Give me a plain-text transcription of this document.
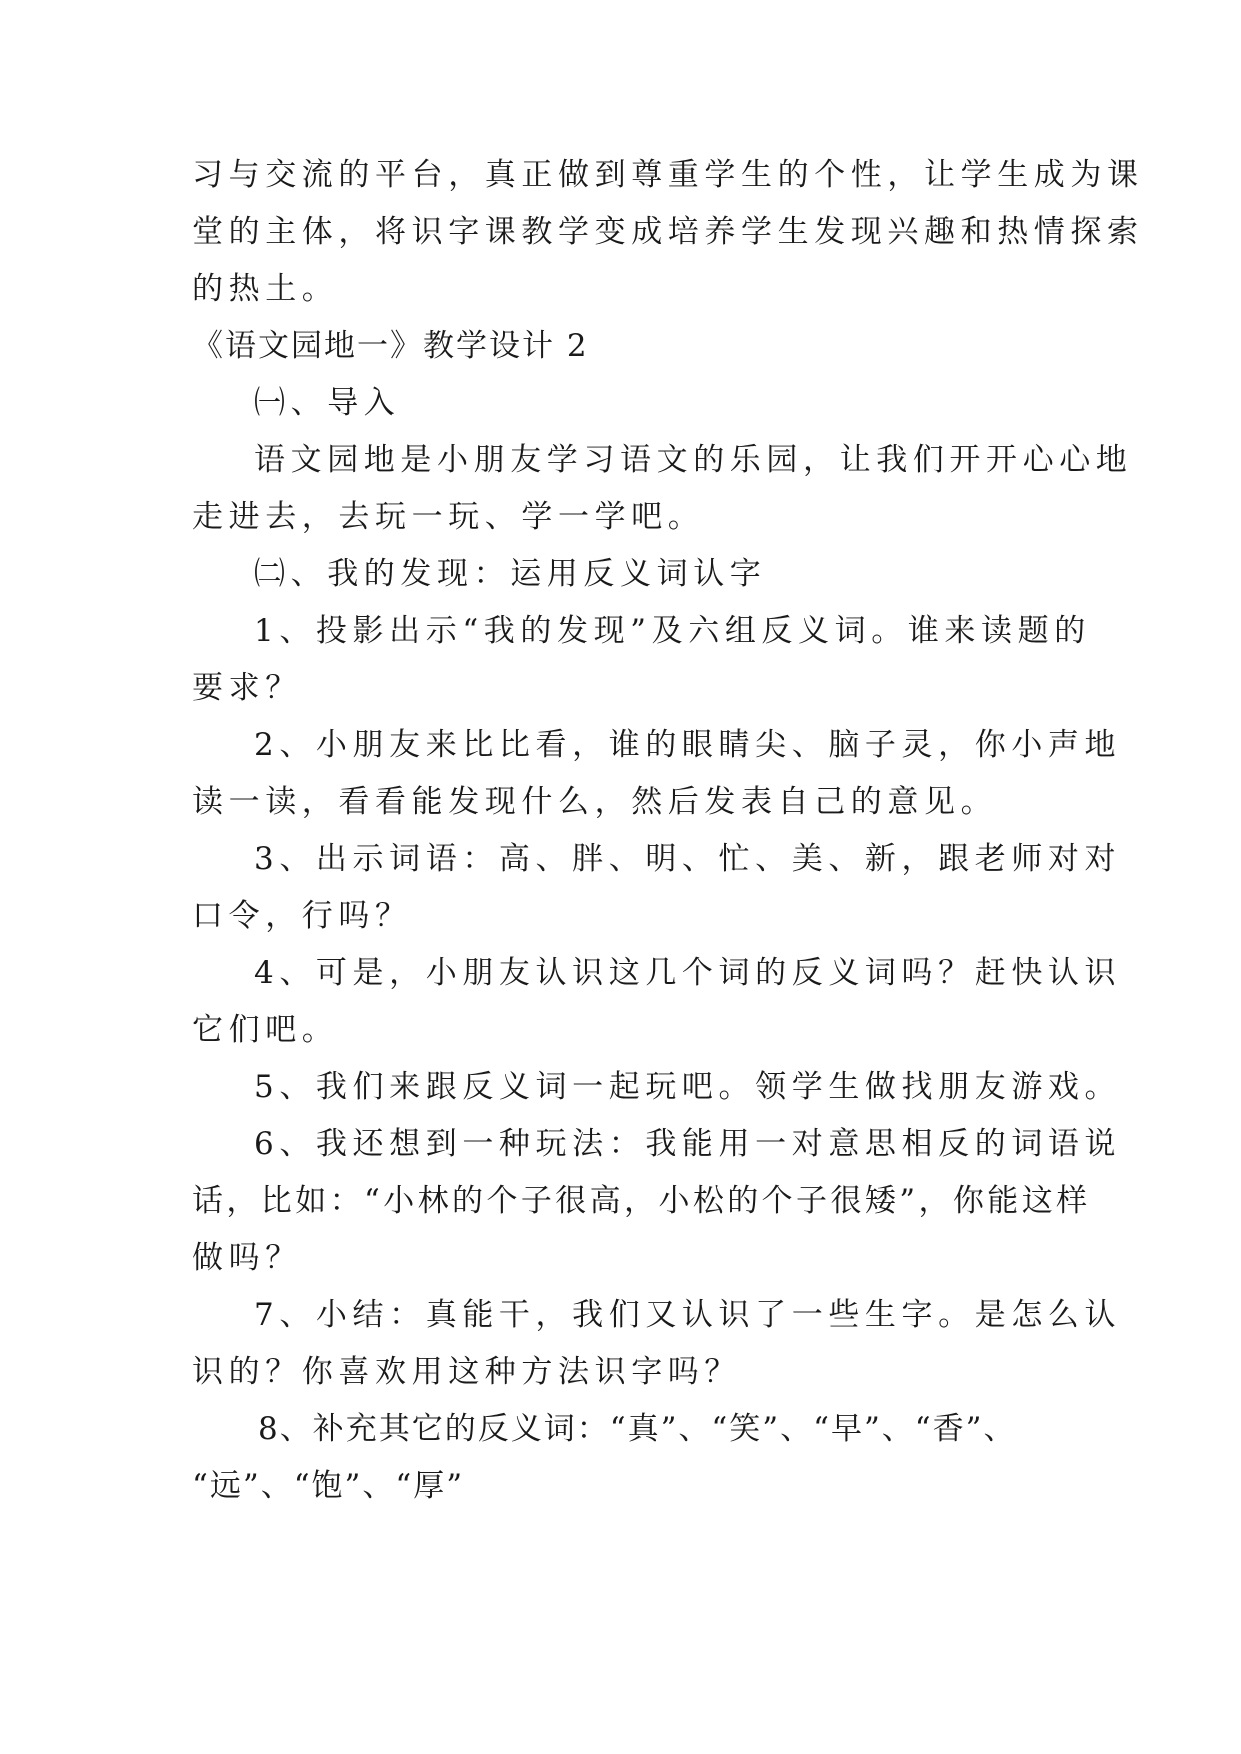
习与交流的平台，真正做到尊重学生的个性，让学生成为课
堂的主体，将识字课教学变成培养学生发现兴趣和热情探索
的热土。
《语文园地一》教学设计 2
㈠、导入
语文园地是小朋友学习语文的乐园，让我们开开心心地
走进去，去玩一玩、学一学吧。
㈡、我的发现：运用反义词认字
1、投影出示“我的发现”及六组反义词。谁来读题的
要求？
2、小朋友来比比看，谁的眼睛尖、脑子灵，你小声地
读一读，看看能发现什么，然后发表自己的意见。
3、出示词语：高、胖、明、忙、美、新，跟老师对对
口令，行吗？
4、可是，小朋友认识这几个词的反义词吗？赶快认识
它们吧。
5、我们来跟反义词一起玩吧。领学生做找朋友游戏。
6、我还想到一种玩法：我能用一对意思相反的词语说
话，比如：“小林的个子很高，小松的个子很矮”，你能这样
做吗？
7、小结：真能干，我们又认识了一些生字。是怎么认
识的？你喜欢用这种方法识字吗？
8、补充其它的反义词：“真”、“笑”、“早”、“香”、
“远”、“饱”、“厚”
